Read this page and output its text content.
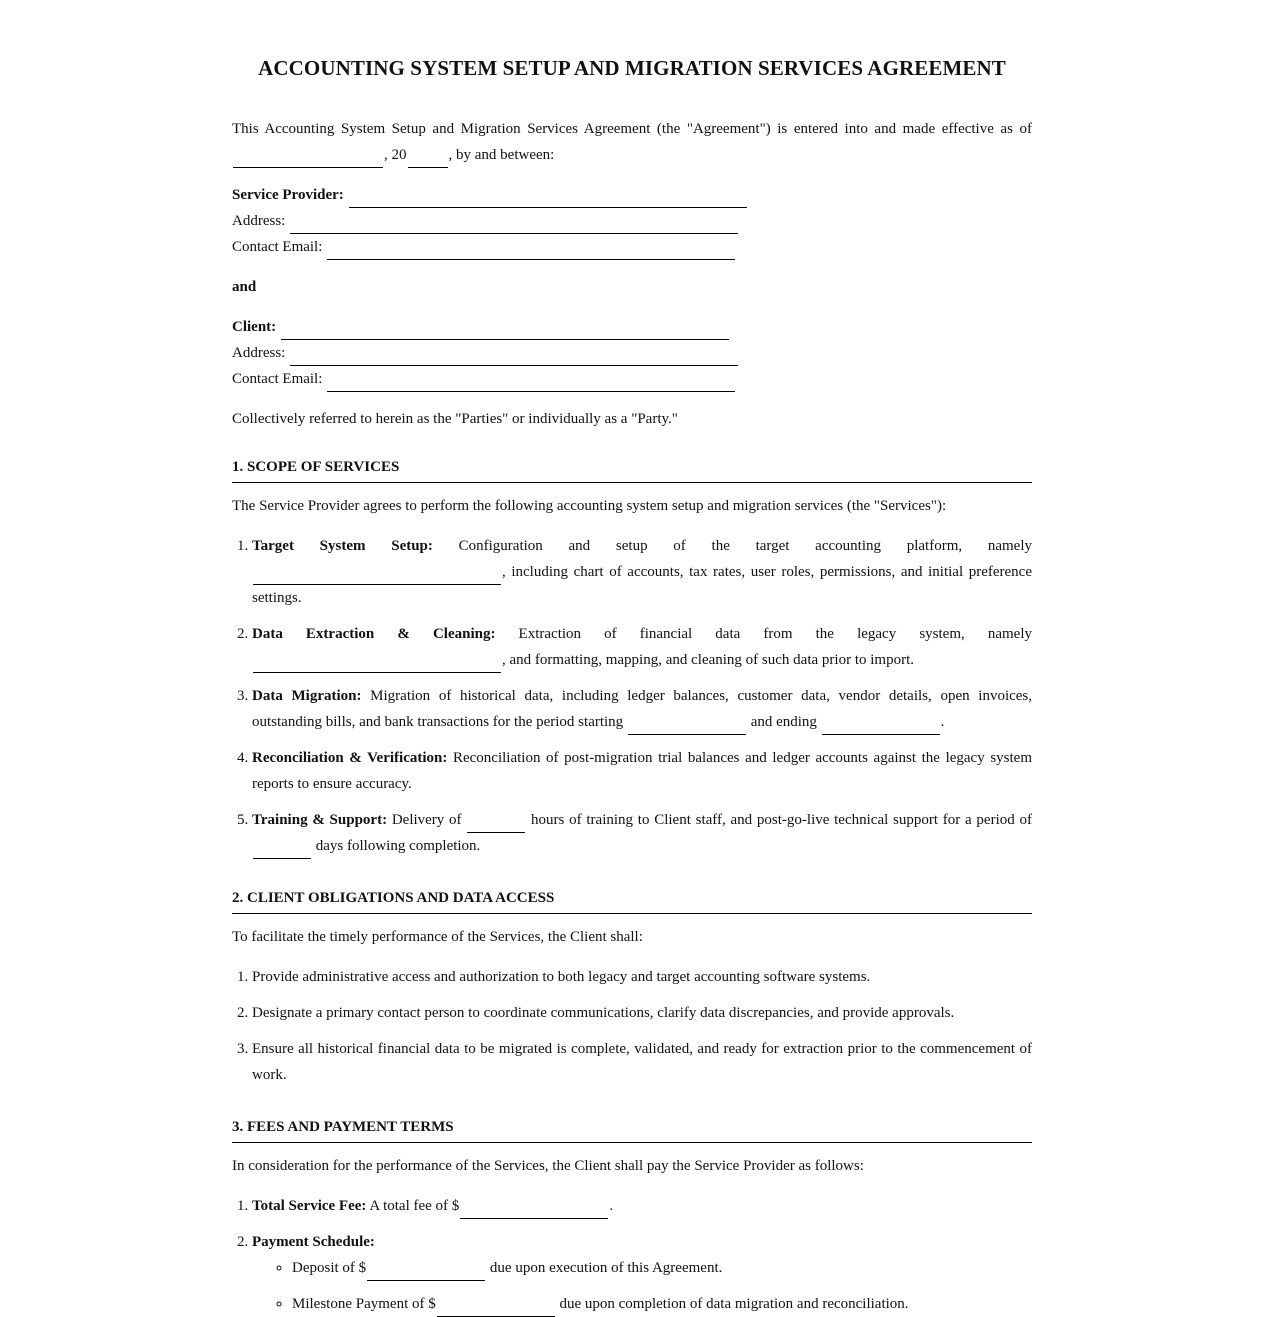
ACCOUNTING SYSTEM SETUP AND MIGRATION SERVICES AGREEMENT

This Accounting System Setup and Migration Services Agreement (the "Agreement") is entered into and made effective as of , 20	, by and between:

Service Provider:
Address:
Contact Email:
and
Client:
Address:
Contact Email:

Collectively referred to herein as the "Parties" or individually as a "Party."

1. SCOPE OF SERVICES

The Service Provider agrees to perform the following accounting system setup and migration services (the "Services"):

1. Target System Setup: Configuration and setup of the target accounting platform, namely , including chart of accounts, tax rates, user roles, permissions, and initial preference settings.
2. Data Extraction & Cleaning: Extraction of financial data from the legacy system, namely , and formatting, mapping, and cleaning of such data prior to import.
3. Data Migration: Migration of historical data, including ledger balances, customer data, vendor details, open invoices, outstanding bills, and bank transactions for the period starting	and ending	.
4. Reconciliation & Verification: Reconciliation of post-migration trial balances and ledger accounts against the legacy system reports to ensure accuracy.
5. Training & Support: Delivery of	hours of training to Client staff, and post-go-live technical support for a period of  days following completion.
2. CLIENT OBLIGATIONS AND DATA ACCESS

To facilitate the timely performance of the Services, the Client shall:

1. Provide administrative access and authorization to both legacy and target accounting software systems.
2. Designate a primary contact person to coordinate communications, clarify data discrepancies, and provide approvals.
3. Ensure all historical financial data to be migrated is complete, validated, and ready for extraction prior to the commencement of work.
3. FEES AND PAYMENT TERMS

In consideration for the performance of the Services, the Client shall pay the Service Provider as follows:

1. Total Service Fee: A total fee of $	.
2. Payment Schedule:
◦ Deposit of $	due upon execution of this Agreement.
◦ Milestone Payment of $	due upon completion of data migration and reconciliation.
